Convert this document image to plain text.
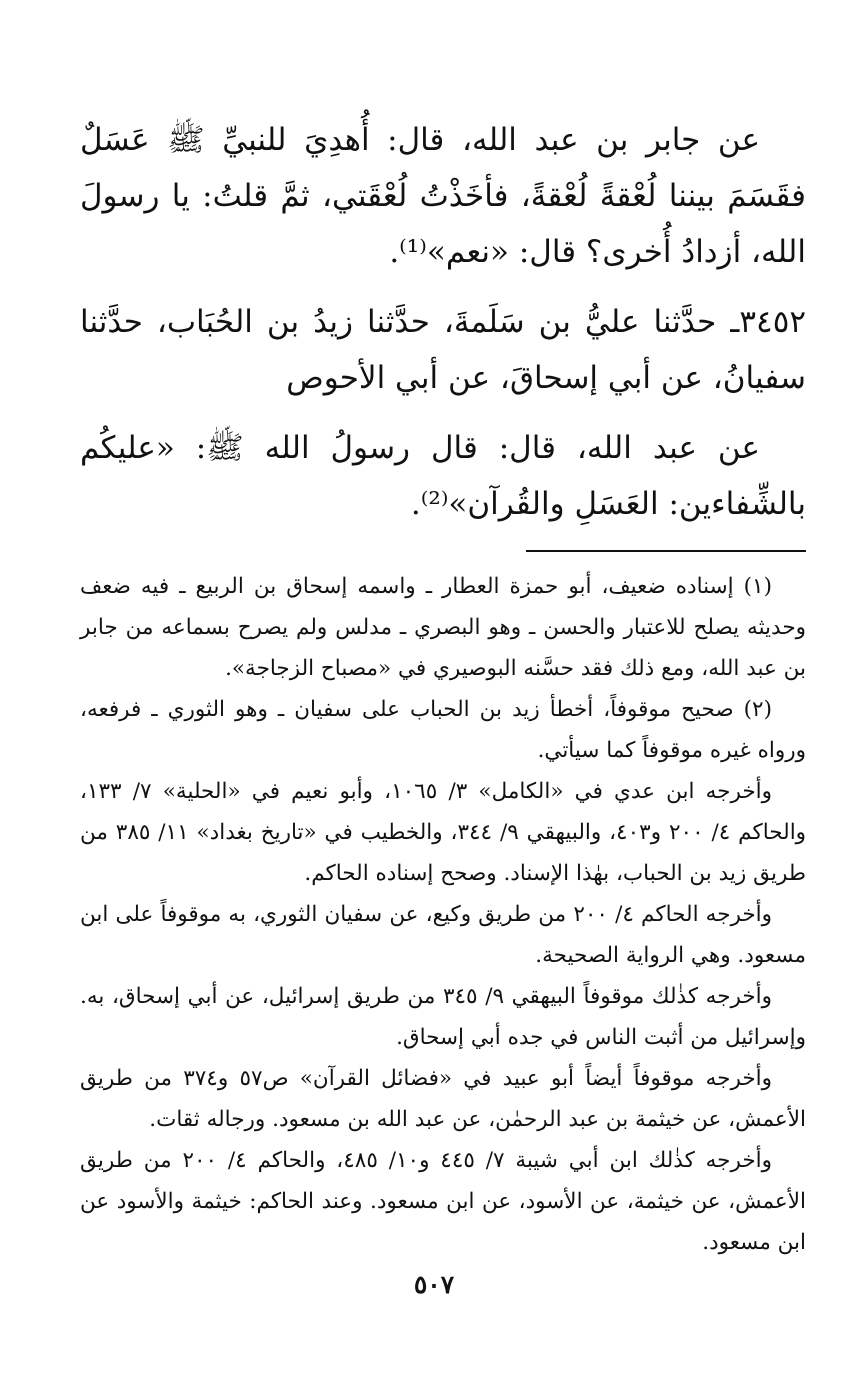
عن جابر بن عبد الله، قال: أُهدِيَ للنبيِّ ﷺ عَسَلٌ فقَسَمَ بيننا لُعْقةً لُعْقةً، فأخَذْتُ لُعْقَتي، ثمَّ قلتُ: يا رسولَ الله، أزدادُ أُخرى؟ قال: «نعم»⁽¹⁾.

٣٤٥٢ـ حدَّثنا عليُّ بن سَلَمةَ، حدَّثنا زيدُ بن الحُبَاب، حدَّثنا سفيانُ، عن أبي إسحاقَ، عن أبي الأحوص

عن عبد الله، قال: قال رسولُ الله ﷺ: «عليكُم بالشِّفاءين: العَسَلِ والقُرآن»⁽²⁾.

(١) إسناده ضعيف، أبو حمزة العطار ـ واسمه إسحاق بن الربيع ـ فيه ضعف وحديثه يصلح للاعتبار والحسن ـ وهو البصري ـ مدلس ولم يصرح بسماعه من جابر بن عبد الله، ومع ذلك فقد حسَّنه البوصيري في «مصباح الزجاجة».

(٢) صحيح موقوفاً، أخطأ زيد بن الحباب على سفيان ـ وهو الثوري ـ فرفعه، ورواه غيره موقوفاً كما سيأتي.

وأخرجه ابن عدي في «الكامل» ٣/ ١٠٦٥، وأبو نعيم في «الحلية» ٧/ ١٣٣، والحاكم ٤/ ٢٠٠ و٤٠٣، والبيهقي ٩/ ٣٤٤، والخطيب في «تاريخ بغداد» ١١/ ٣٨٥ من طريق زيد بن الحباب، بهٰذا الإسناد. وصحح إسناده الحاكم.

وأخرجه الحاكم ٤/ ٢٠٠ من طريق وكيع، عن سفيان الثوري، به موقوفاً على ابن مسعود. وهي الرواية الصحيحة.

وأخرجه كذٰلك موقوفاً البيهقي ٩/ ٣٤٥ من طريق إسرائيل، عن أبي إسحاق، به. وإسرائيل من أثبت الناس في جده أبي إسحاق.

وأخرجه موقوفاً أيضاً أبو عبيد في «فضائل القرآن» ص٥٧ و٣٧٤ من طريق الأعمش، عن خيثمة بن عبد الرحمٰن، عن عبد الله بن مسعود. ورجاله ثقات.

وأخرجه كذٰلك ابن أبي شيبة ٧/ ٤٤٥ و١٠/ ٤٨٥، والحاكم ٤/ ٢٠٠ من طريق الأعمش، عن خيثمة، عن الأسود، عن ابن مسعود. وعند الحاكم: خيثمة والأسود عن ابن مسعود.

٥٠٧
